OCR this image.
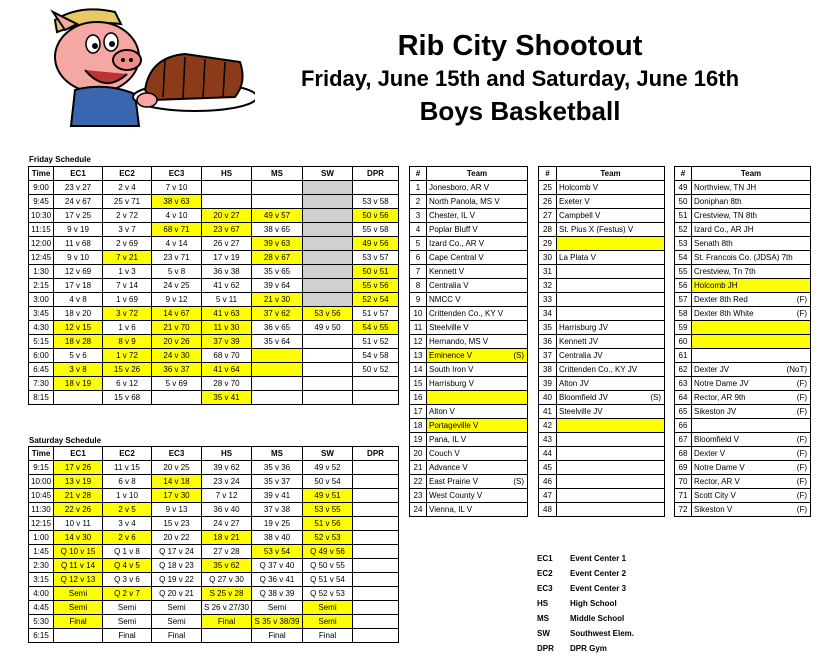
Rib City Shootout
Friday, June 15th and Saturday, June 16th
Boys Basketball
Friday Schedule
Time	EC1	EC2	EC3	HS	MS	SW	DPR
9:00	23 v 27	2 v 4	7 v 10				
9:45	24 v 67	25 v 71	38 v 63				53 v 58
10:30	17 v 25	2 v 72	4 v 10	20 v 27	49 v 57		50 v 56
11:15	9 v 19	3 v 7	68 v 71	23 v 67	38 v 65		55 v 58
12:00	11 v 68	2 v 69	4 v 14	26 v 27	39 v 63		49 v 56
12:45	9 v 10	7 v 21	23 v 71	17 v 19	28 v 67		53 v 57
1:30	12 v 69	1 v 3	5 v 8	36 v 38	35 v 65		50 v 51
2:15	17 v 18	7 v 14	24 v 25	41 v 62	39 v 64		55 v 56
3:00	4 v 8	1 v 69	9 v 12	5 v 11	21 v 30		52 v 54
3:45	18 v 20	3 v 72	14 v 67	41 v 63	37 v 62	53 v 56	51 v 57
4:30	12 v 15	1 v 6	21 v 70	11 v 30	36 v 65	49 v 50	54 v 55
5:15	18 v 28	8 v 9	20 v 26	37 v 39	35 v 64		51 v 52
6:00	5 v 6	1 v 72	24 v 30	68 v 70			54 v 58
6:45	3 v 8	15 v 26	36 v 37	41 v 64			50 v 52
7:30	18 v 19	6 v 12	5 v 69	28 v 70			
8:15		15 v 68		35 v 41			
Saturday Schedule
Time	EC1	EC2	EC3	HS	MS	SW	DPR
9:15	17 v 26	11 v 15	20 v 25	39 v 62	35 v 36	49 v 52	
10:00	13 v 19	6 v 8	14 v 18	23 v 24	35 v 37	50 v 54	
10:45	21 v 28	1 v 10	17 v 30	7 v 12	39 v 41	49 v 51	
11:30	22 v 26	2 v 5	9 v 13	36 v 40	37 v 38	53 v 55	
12:15	10 v 11	3 v 4	15 v 23	24 v 27	19 v 25	51 v 56	
1:00	14 v 30	2 v 6	20 v 22	18 v 21	38 v 40	52 v 53	
1:45	Q 10 v 15	Q 1 v 8	Q 17 v 24	27 v 28	53 v 54	Q 49 v 56	
2:30	Q 11 v 14	Q 4 v 5	Q 18 v 23	35 v 62	Q 37 v 40	Q 50 v 55	
3:15	Q 12 v 13	Q 3 v 6	Q 19 v 22	Q 27 v 30	Q 36 v 41	Q 51 v 54	
4:00	Semi	Q 2 v 7	Q 20 v 21	S 25 v 28	Q 38 v 39	Q 52 v 53	
4:45	Semi	Semi	Semi	S 26 v 27/30	Semi	Semi	
5:30	Final	Semi	Semi	Final	S 35 v 38/39	Semi	
6:15		Final	Final		Final	Final	
#	Team
1	Jonesboro, AR V
2	North Panola, MS V
3	Chester, IL V
4	Poplar Bluff V
5	Izard Co., AR V
6	Cape Central V
7	Kennett V
8	Centralia V
9	NMCC V
10	Crittenden Co., KY V
11	Steelville V
12	Hernando, MS V
13	Eminence V (S)

14	South Iron V
15	Harrisburg V
16	
17	Alton V
18	Portageville V
19	Pana, IL V
20	Couch V
21	Advance V
22	East Prairie V (S)

23	West County V
24	Vienna, IL V
#	Team
25	Holcomb V
26	Exeter V
27	Campbell V
28	St. Pius X (Festus) V
29	
30	La Plata V
31	
32	
33	
34	
35	Harrisburg JV
36	Kennett JV
37	Centralia JV
38	Crittenden Co., KY JV
39	Alton JV
40	Bloomfield JV (S)

41	Steelville JV
42	
43	
44	
45	
46	
47	
48	
#	Team
49	Northview, TN JH
50	Doniphan 8th
51	Crestview, TN 8th
52	Izard Co., AR JH
53	Senath 8th
54	St. Francois Co. (JDSA) 7th
55	Crestview, Tn 7th
56	Holcomb JH
57	Dexter 8th Red (F)

58	Dexter 8th White (F)

59	
60	
61	
62	Dexter JV (NoT)

63	Notre Dame JV (F)

64	Rector, AR 9th (F)

65	Sikeston JV (F)

66	
67	Bloomfield V (F)

68	Dexter V (F)

69	Notre Dame V (F)

70	Rector, AR V (F)

71	Scott City V (F)

72	Sikeston V (F)
EC1 Event Center 1
EC2 Event Center 2
EC3 Event Center 3
HS	High School
MS	Middle School
SW	Southwest Elem.
DPR DPR Gym
